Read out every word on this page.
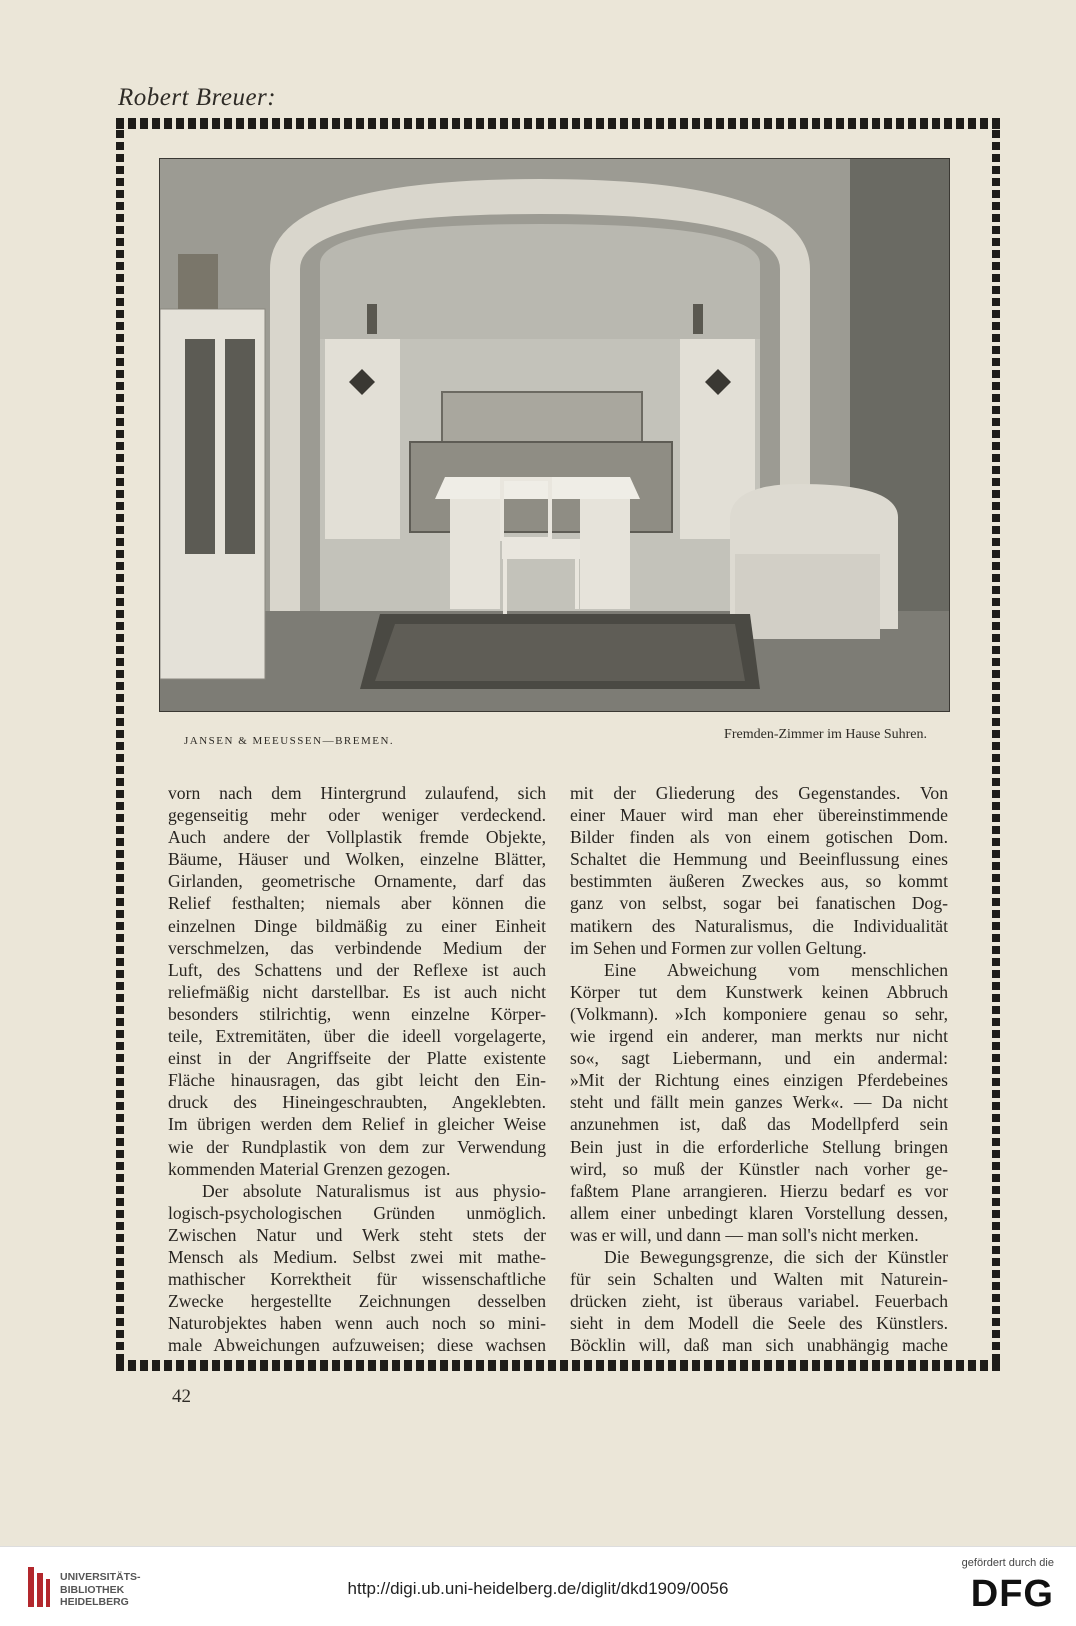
Robert Breuer:
JANSEN & MEEUSSEN—BREMEN.	Fremden-Zimmer im Hause Suhren.

vorn nach dem Hintergrund zulaufend, sich
gegenseitig mehr oder weniger verdeckend.
Auch andere der Vollplastik fremde Objekte,
Bäume, Häuser und Wolken, einzelne Blätter,
Girlanden, geometrische Ornamente, darf das
Relief festhalten; niemals aber können die
einzelnen Dinge bildmäßig zu einer Einheit
verschmelzen, das verbindende Medium der
Luft, des Schattens und der Reflexe ist auch
reliefmäßig nicht darstellbar. Es ist auch nicht
besonders stilrichtig, wenn einzelne Körper-
teile, Extremitäten, über die ideell vorgelagerte,
einst in der Angriffseite der Platte existente
Fläche hinausragen, das gibt leicht den Ein-
druck des Hineingeschraubten, Angeklebten.
Im übrigen werden dem Relief in gleicher Weise
wie der Rundplastik von dem zur Verwendung
kommenden Material Grenzen gezogen.

Der absolute Naturalismus ist aus physio-
logisch-psychologischen Gründen unmöglich.
Zwischen Natur und Werk steht stets der
Mensch als Medium. Selbst zwei mit mathe-
mathischer Korrektheit für wissenschaftliche
Zwecke hergestellte Zeichnungen desselben
Naturobjektes haben wenn auch noch so mini-
male Abweichungen aufzuweisen; diese wachsen

mit der Gliederung des Gegenstandes. Von
einer Mauer wird man eher übereinstimmende
Bilder finden als von einem gotischen Dom.
Schaltet die Hemmung und Beeinflussung eines
bestimmten äußeren Zweckes aus, so kommt
ganz von selbst, sogar bei fanatischen Dog-
matikern des Naturalismus, die Individualität
im Sehen und Formen zur vollen Geltung.
Eine Abweichung vom menschlichen
Körper tut dem Kunstwerk keinen Abbruch
(Volkmann). »Ich komponiere genau so sehr,
wie irgend ein anderer, man merkts nur nicht
so«, sagt Liebermann, und ein andermal:
»Mit der Richtung eines einzigen Pferdebeines
steht und fällt mein ganzes Werk«. — Da nicht
anzunehmen ist, daß das Modellpferd sein
Bein just in die erforderliche Stellung bringen
wird, so muß der Künstler nach vorher ge-
faßtem Plane arrangieren. Hierzu bedarf es vor
allem einer unbedingt klaren Vorstellung dessen,
was er will, und dann — man soll's nicht merken.

Die Bewegungsgrenze, die sich der Künstler
für sein Schalten und Walten mit Naturein-
drücken zieht, ist überaus variabel. Feuerbach
sieht in dem Modell die Seele des Künstlers.
Böcklin will, daß man sich unabhängig mache

42
UNIVERSITÄTS-
BIBLIOTHEK
HEIDELBERG
http://digi.ub.uni-heidelberg.de/diglit/dkd1909/0056
gefördert durch die
DFG
